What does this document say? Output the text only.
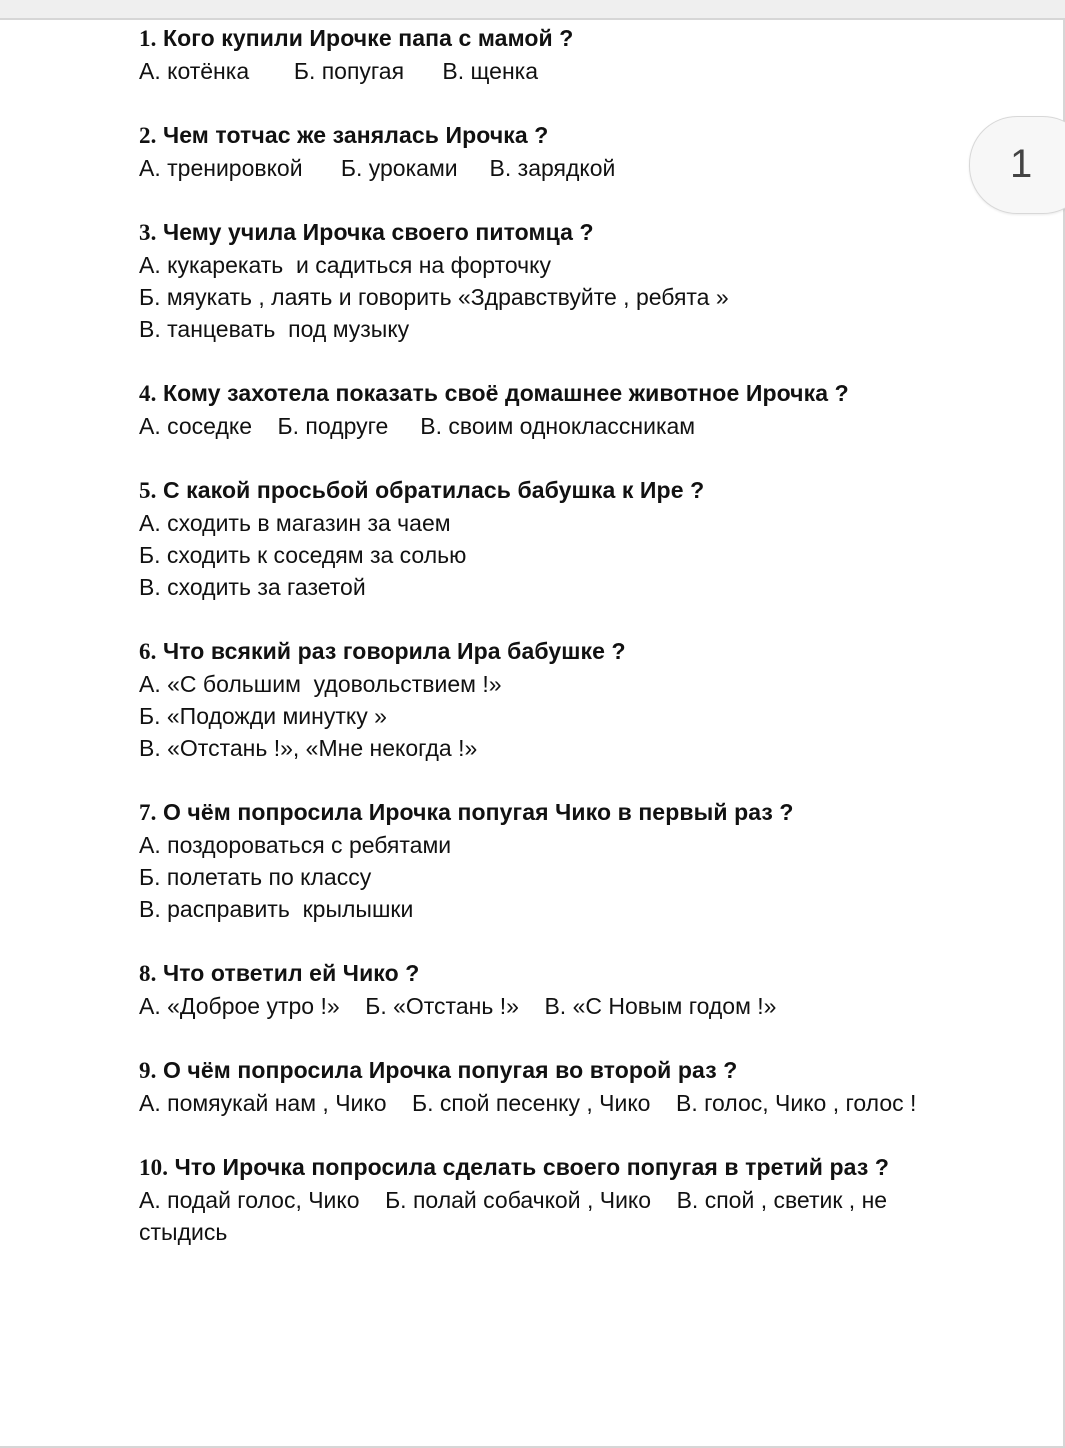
1. Кого купили Ирочке папа с мамой ?
А. котёнка       Б. попугая      В. щенка
2. Чем тотчас же занялась Ирочка ?
А. тренировкой      Б. уроками     В. зарядкой
3. Чему учила Ирочка своего питомца ?
А. кукарекать  и садиться на форточку
Б. мяукать , лаять и говорить «Здравствуйте , ребята »
В. танцевать  под музыку
4. Кому захотела показать своё домашнее животное Ирочка ?
А. соседке    Б. подруге     В. своим одноклассникам
5. С какой просьбой обратилась бабушка к Ире ?
А. сходить в магазин за чаем
Б. сходить к соседям за солью
В. сходить за газетой
6. Что всякий раз говорила Ира бабушке ?
А. «С большим  удовольствием !»
Б. «Подожди минутку »
В. «Отстань !», «Мне некогда !»
7. О чём попросила Ирочка попугая Чико в первый раз ?
А. поздороваться с ребятами
Б. полетать по классу
В. расправить  крылышки
8. Что ответил ей Чико ?
А. «Доброе утро !»    Б. «Отстань !»    В. «С Новым годом !»
9. О чём попросила Ирочка попугая во второй раз ?
А. помяукай нам , Чико    Б. спой песенку , Чико    В. голос, Чико , голос !
10. Что Ирочка попросила сделать своего попугая в третий раз ?
А. подай голос, Чико    Б. полай собачкой , Чико    В. спой , светик , не стыдись
1
